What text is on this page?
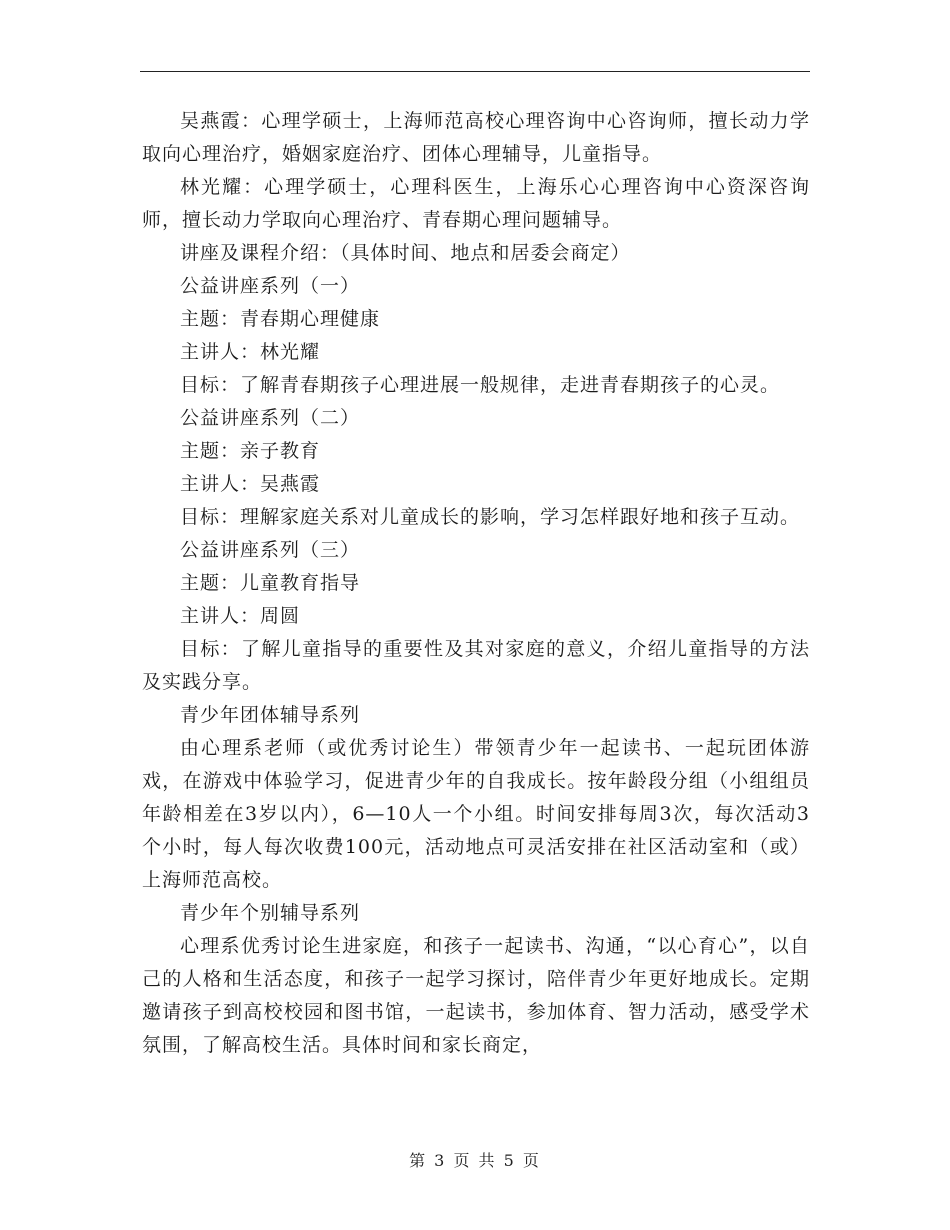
吴燕霞：心理学硕士，上海师范高校心理咨询中心咨询师，擅长动力学取向心理治疗，婚姻家庭治疗、团体心理辅导，儿童指导。

林光耀：心理学硕士，心理科医生，上海乐心心理咨询中心资深咨询师，擅长动力学取向心理治疗、青春期心理问题辅导。

讲座及课程介绍：（具体时间、地点和居委会商定）

公益讲座系列（一）

主题：青春期心理健康

主讲人：林光耀

目标：了解青春期孩子心理进展一般规律，走进青春期孩子的心灵。

公益讲座系列（二）

主题：亲子教育

主讲人：吴燕霞

目标：理解家庭关系对儿童成长的影响，学习怎样跟好地和孩子互动。

公益讲座系列（三）

主题：儿童教育指导

主讲人：周圆

目标：了解儿童指导的重要性及其对家庭的意义，介绍儿童指导的方法及实践分享。

青少年团体辅导系列

由心理系老师（或优秀讨论生）带领青少年一起读书、一起玩团体游戏，在游戏中体验学习，促进青少年的自我成长。按年龄段分组（小组组员年龄相差在3岁以内），6—10人一个小组。时间安排每周3次，每次活动3个小时，每人每次收费100元，活动地点可灵活安排在社区活动室和（或）上海师范高校。

青少年个别辅导系列

心理系优秀讨论生进家庭，和孩子一起读书、沟通，“以心育心”，以自己的人格和生活态度，和孩子一起学习探讨，陪伴青少年更好地成长。定期邀请孩子到高校校园和图书馆，一起读书，参加体育、智力活动，感受学术氛围，了解高校生活。具体时间和家长商定，

第 3 页 共 5 页
